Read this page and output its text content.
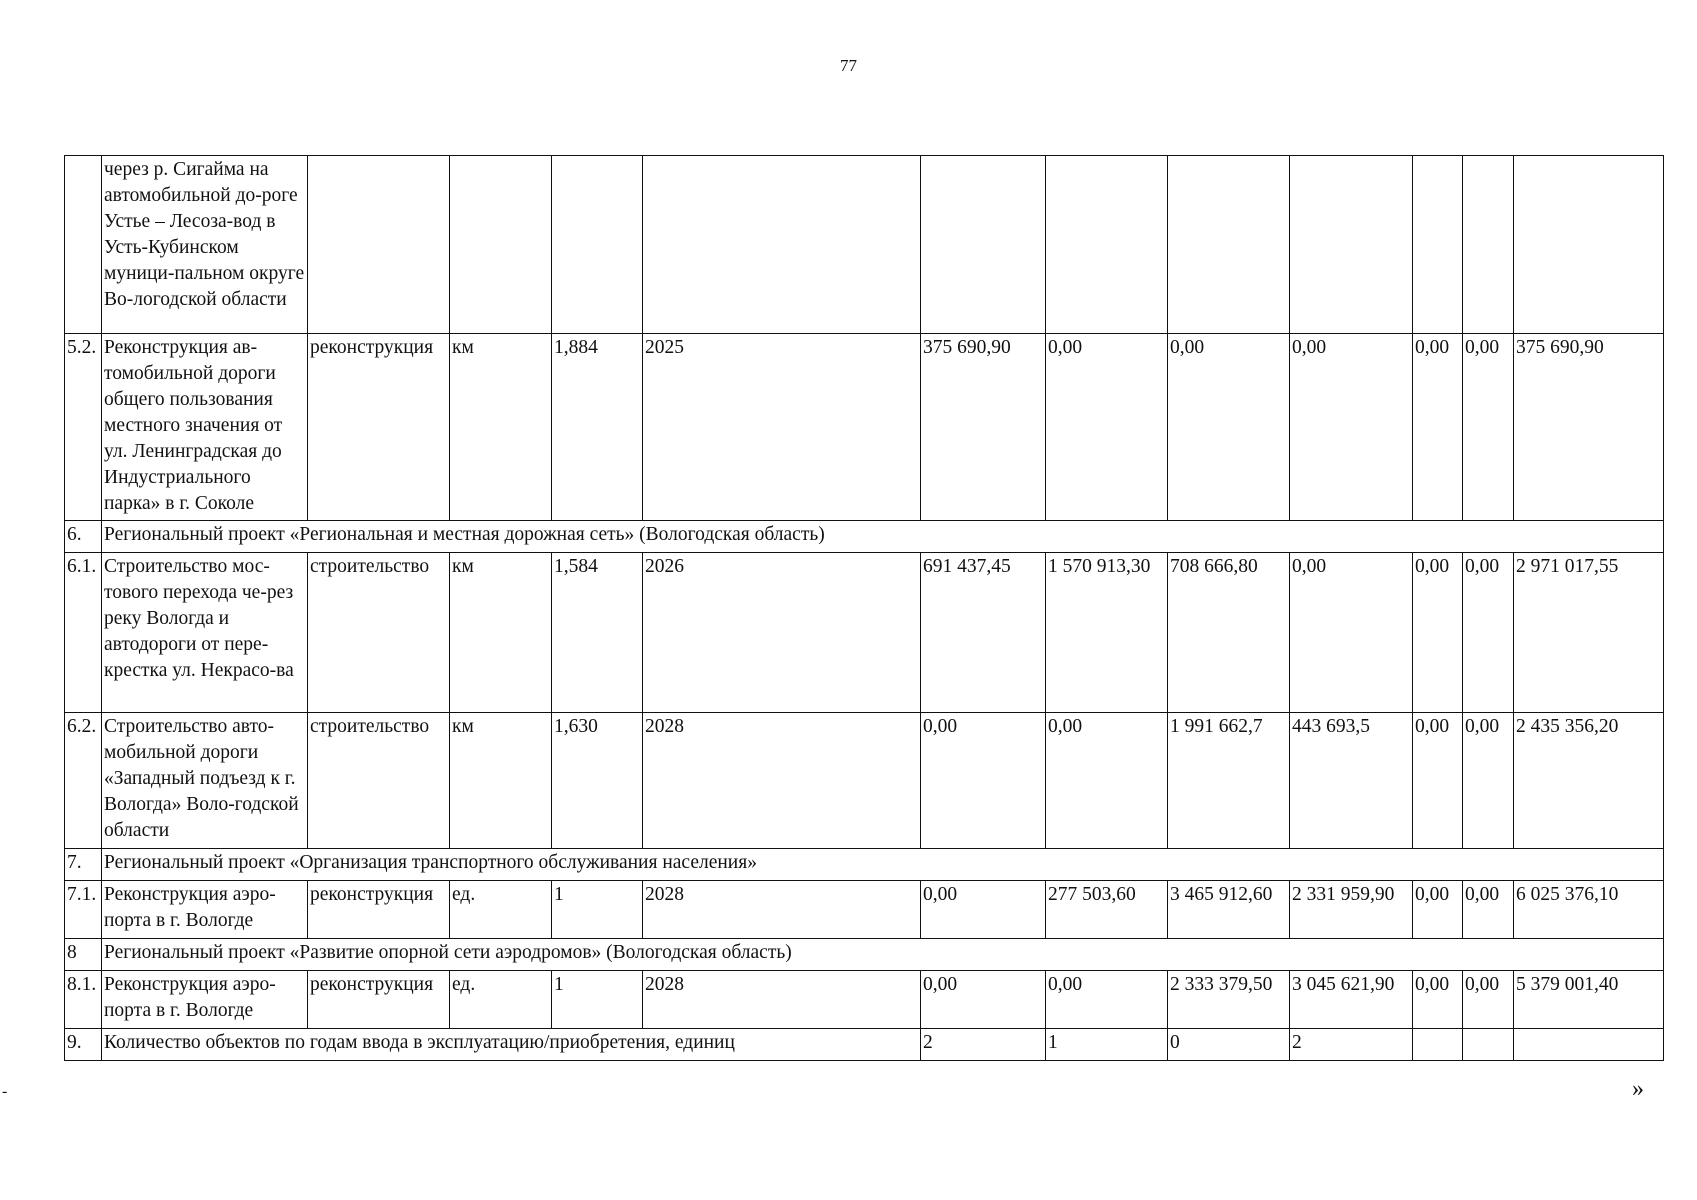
77
	через р. Сигайма на автомобильной до-роге Устье – Лесоза-вод в Усть-Кубинском муници-пальном округе Во-логодской области											
5.2.	Реконструкция ав-томобильной дороги общего пользования местного значения от ул. Ленинградская до Индустриального парка» в г. Соколе	реконструкция	км	1,884	2025	375 690,90	0,00	0,00	0,00	0,00	0,00	375 690,90
6.	Региональный проект «Региональная и местная дорожная сеть» (Вологодская область)											
6.1.	Строительство мос-тового перехода че-рез реку Вологда и автодороги от пере-крестка ул. Некрасо-ва	строительство	км	1,584	2026	691 437,45	1 570 913,30	708 666,80	0,00	0,00	0,00	2 971 017,55
6.2.	Строительство авто-мобильной дороги «Западный подъезд к г. Вологда» Воло-годской области	строительство	км	1,630	2028	0,00	0,00	1 991 662,7	443 693,5	0,00	0,00	2 435 356,20
7.	Региональный проект «Организация транспортного обслуживания населения»											
7.1.	Реконструкция аэро-порта в г. Вологде	реконструкция	ед.	1	2028	0,00	277 503,60	3 465 912,60	2 331 959,90	0,00	0,00	6 025 376,10
8	Региональный проект «Развитие опорной сети аэродромов» (Вологодская область)											
8.1.	Реконструкция аэро-порта в г. Вологде	реконструкция	ед.	1	2028	0,00	0,00	2 333 379,50	3 045 621,90	0,00	0,00	5 379 001,40
9.	Количество объектов по годам ввода в эксплуатацию/приобретения, единиц					2	1	0	2			
»
-
